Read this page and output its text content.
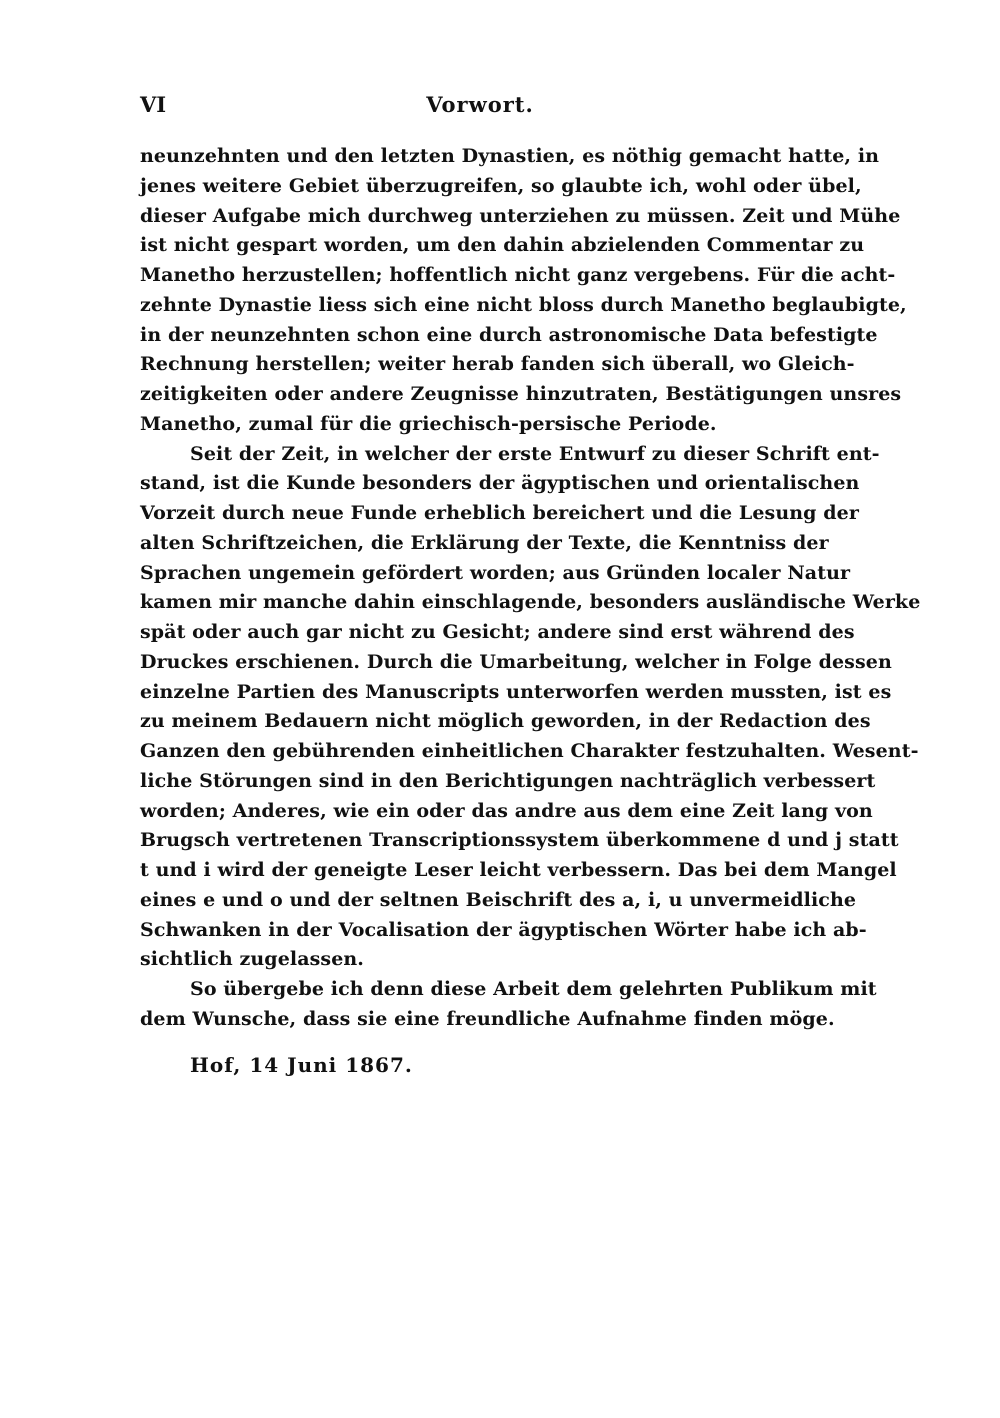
VI	Vorwort.
neunzehnten und den letzten Dynastien, es nöthig gemacht hatte, in
jenes weitere Gebiet überzugreifen, so glaubte ich, wohl oder übel,
dieser Aufgabe mich durchweg unterziehen zu müssen. Zeit und Mühe
ist nicht gespart worden, um den dahin abzielenden Commentar zu
Manetho herzustellen; hoffentlich nicht ganz vergebens. Für die acht-
zehnte Dynastie liess sich eine nicht bloss durch Manetho beglaubigte,
in der neunzehnten schon eine durch astronomische Data befestigte
Rechnung herstellen; weiter herab fanden sich überall, wo Gleich-
zeitigkeiten oder andere Zeugnisse hinzutraten, Bestätigungen unsres
Manetho, zumal für die griechisch-persische Periode.
Seit der Zeit, in welcher der erste Entwurf zu dieser Schrift ent-
stand, ist die Kunde besonders der ägyptischen und orientalischen
Vorzeit durch neue Funde erheblich bereichert und die Lesung der
alten Schriftzeichen, die Erklärung der Texte, die Kenntniss der
Sprachen ungemein gefördert worden; aus Gründen localer Natur
kamen mir manche dahin einschlagende, besonders ausländische Werke
spät oder auch gar nicht zu Gesicht; andere sind erst während des
Druckes erschienen. Durch die Umarbeitung, welcher in Folge dessen
einzelne Partien des Manuscripts unterworfen werden mussten, ist es
zu meinem Bedauern nicht möglich geworden, in der Redaction des
Ganzen den gebührenden einheitlichen Charakter festzuhalten. Wesent-
liche Störungen sind in den Berichtigungen nachträglich verbessert
worden; Anderes, wie ein oder das andre aus dem eine Zeit lang von
Brugsch vertretenen Transcriptionssystem überkommene d und j statt
t und i wird der geneigte Leser leicht verbessern. Das bei dem Mangel
eines e und o und der seltnen Beischrift des a, i, u unvermeidliche
Schwanken in der Vocalisation der ägyptischen Wörter habe ich ab-
sichtlich zugelassen.
So übergebe ich denn diese Arbeit dem gelehrten Publikum mit
dem Wunsche, dass sie eine freundliche Aufnahme finden möge.
Hof, 14 Juni 1867.
